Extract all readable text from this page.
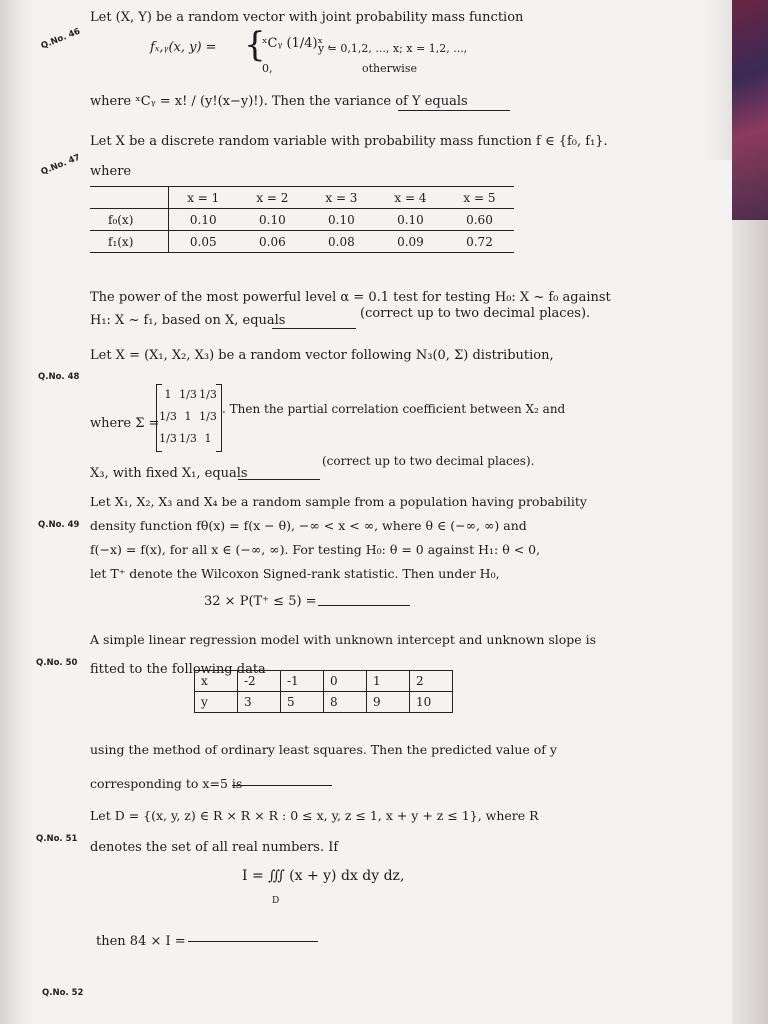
Q.No. 46
Let (X, Y) be a random vector with joint probability mass function
fₓ,ᵧ(x, y) = {
ˣCᵧ (1/4)ˣ ,
y = 0,1,2, ..., x; x = 1,2, ...,
0,	otherwise
where ˣCᵧ = x! / (y!(x−y)!). Then the variance of Y equals
Q.No. 47
Let X be a discrete random variable with probability mass function f ∈ {f₀, f₁}.
where
	x = 1	x = 2	x = 3	x = 4	x = 5
f₀(x)	0.10	0.10	0.10	0.10	0.60
f₁(x)	0.05	0.06	0.08	0.09	0.72
The power of the most powerful level α = 0.1 test for testing H₀: X ~ f₀ against
H₁: X ~ f₁, based on X, equals	(correct up to two decimal places).
Q.No. 48
Let X = (X₁, X₂, X₃) be a random vector following N₃(0, Σ) distribution,
where Σ =
1 1/3 1/3
1/3 1 1/3
1/3 1/3 1
. Then the partial correlation coefficient between X₂ and
X₃, with fixed X₁, equals
(correct up to two decimal places).
Q.No. 49
Let X₁, X₂, X₃ and X₄ be a random sample from a population having probability
density function fθ(x) = f(x − θ), −∞ < x < ∞, where θ ∈ (−∞, ∞) and
f(−x) = f(x), for all x ∈ (−∞, ∞). For testing H₀: θ = 0 against H₁: θ < 0,
let T⁺ denote the Wilcoxon Signed-rank statistic. Then under H₀,
32 × P(T⁺ ≤ 5) =
Q.No. 50
A simple linear regression model with unknown intercept and unknown slope is
fitted to the following data
x	-2	-1	0	1	2
y	3	5	8	9	10
using the method of ordinary least squares. Then the predicted value of y
corresponding to x=5 is
Q.No. 51
Let D = {(x, y, z) ∈ R × R × R : 0 ≤ x, y, z ≤ 1, x + y + z ≤ 1}, where R
denotes the set of all real numbers. If
I = ∭ (x + y) dx dy dz,
D
then 84 × I =
Q.No. 52
